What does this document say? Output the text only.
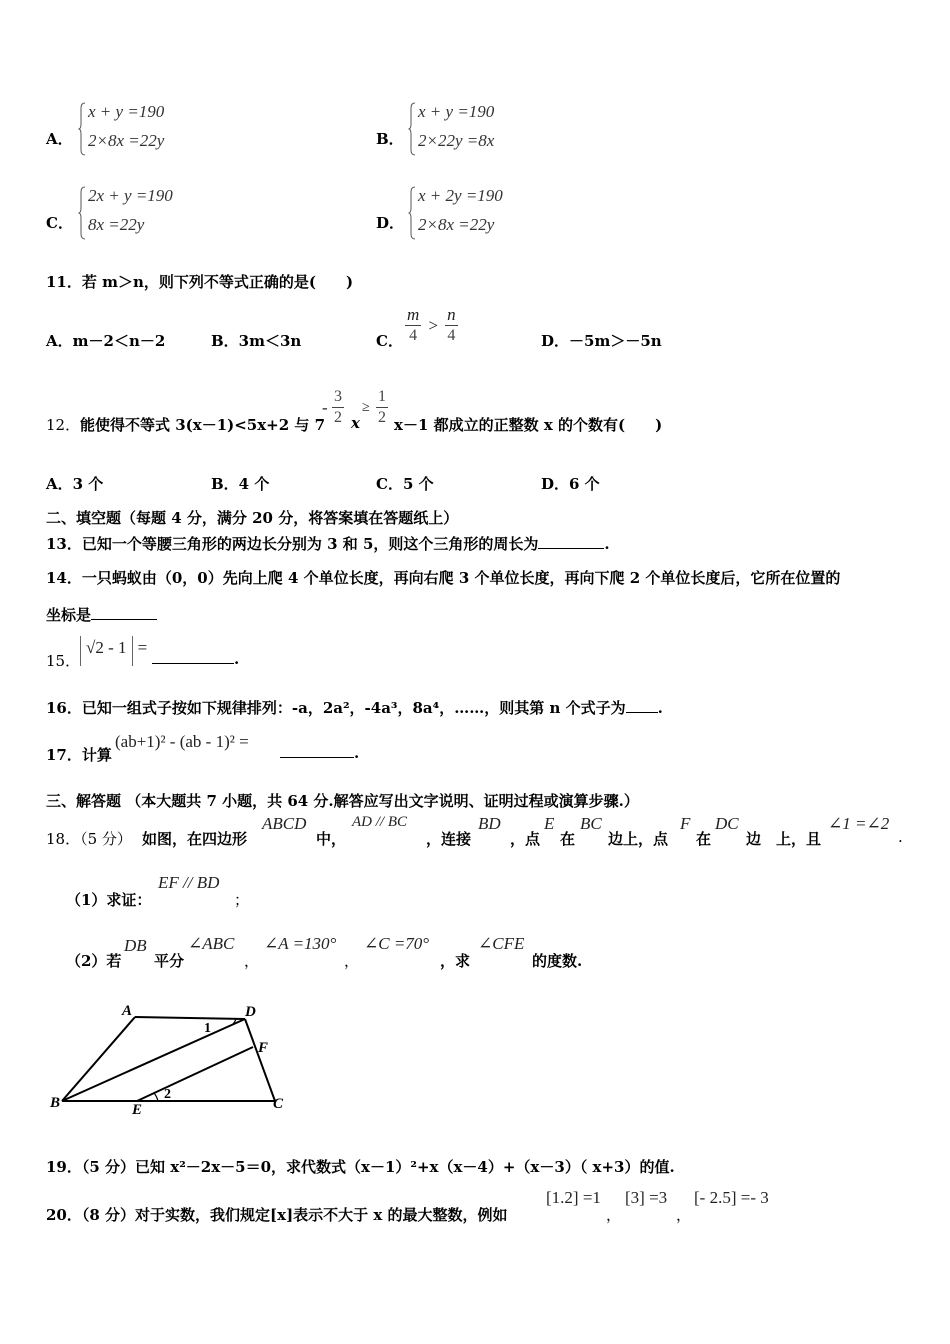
A．
x + y =190
2×8x =22y	B．
x + y =190
2×22y =8x
C．
2x + y =190
8x =22y	D．
x + 2y =190
2×8x =22y
11．若 m＞n，则下列不等式正确的是(　　)
A．m－2＜n－2	B．3m＜3n	C． $\frac{m}{4} > \frac{n}{4}$	D．－5m＞－5n
12． 能使得不等式 3(x－1)<5x+2 与 7
- $\frac{3}{2}$ x
≥ $\frac{1}{2} x-1$ 都成立的正整数 x 的个数有(　　)
A．3 个	B．4 个	C．5 个	D．6 个
二、填空题（每题 4 分，满分 20 分，将答案填在答题纸上）
13．已知一个等腰三角形的两边长分别为 3 和 5，则这个三角形的周长为	.
14．一只蚂蚁由（0，0）先向上爬 4 个单位长度，再向右爬 3 个单位长度，再向下爬 2 个单位长度后，它所在位置的
坐标是
15．
√2 - 1 =
.
16．已知一组式子按如下规律排列：-a，2a²，-4a³，8a⁴，……，则其第 n 个式子为 .
17．计算
(ab+1)² - (ab - 1)² =
.
三、解答题 （本大题共 7 小题，共 64 分.解答应写出文字说明、证明过程或演算步骤.）
18．（5 分） 如图，在四边形
ABCD
中，
AD // BC
，连接
BD
，点
E
在
BC
边上，点
F
在
DC
边　上，且
∠1 =∠2
.
（1）求证：
EF // BD
；
（2）若
DB
平分
∠ABC
，
∠A =130°
，
∠C =70°
，求
∠CFE
的度数.
A	D
F
B	E	C
1
2
19．（5 分）已知 x²－2x－5＝0，求代数式（x－1）²+x（x－4）+（x－3）（ x+3）的值.
20．（8 分）对于实数，我们规定[x]表示不大于 x 的最大整数，例如
[1.2] =1
，
[3] =3
，
[- 2.5] =- 3
